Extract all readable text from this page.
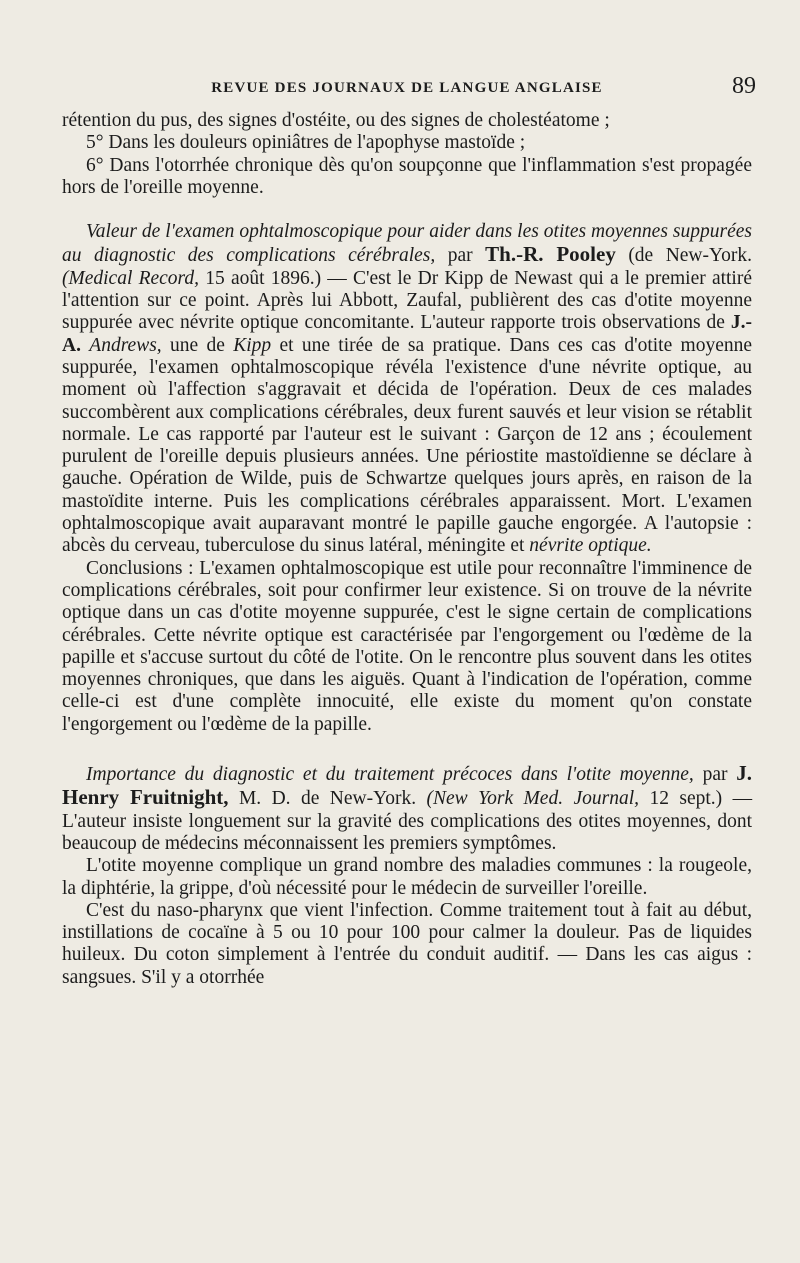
REVUE DES JOURNAUX DE LANGUE ANGLAISE	89

rétention du pus, des signes d'ostéite, ou des signes de cholestéatome ;

5° Dans les douleurs opiniâtres de l'apophyse mastoïde ;

6° Dans l'otorrhée chronique dès qu'on soupçonne que l'inflammation s'est propagée hors de l'oreille moyenne.

Valeur de l'examen ophtalmoscopique pour aider dans les otites moyennes suppurées au diagnostic des complications cérébrales, par Th.-R. Pooley (de New-York. (Medical Record, 15 août 1896.) — C'est le Dr Kipp de Newast qui a le premier attiré l'attention sur ce point. Après lui Abbott, Zaufal, publièrent des cas d'otite moyenne suppurée avec névrite optique concomitante. L'auteur rapporte trois observations de J.-A. Andrews, une de Kipp et une tirée de sa pratique. Dans ces cas d'otite moyenne suppurée, l'examen ophtalmoscopique révéla l'existence d'une névrite optique, au moment où l'affection s'aggravait et décida de l'opération. Deux de ces malades succombèrent aux complications cérébrales, deux furent sauvés et leur vision se rétablit normale. Le cas rapporté par l'auteur est le suivant : Garçon de 12 ans ; écoulement purulent de l'oreille depuis plusieurs années. Une périostite mastoïdienne se déclare à gauche. Opération de Wilde, puis de Schwartze quelques jours après, en raison de la mastoïdite interne. Puis les complications cérébrales apparaissent. Mort. L'examen ophtalmoscopique avait auparavant montré le papille gauche engorgée. A l'autopsie : abcès du cerveau, tuberculose du sinus latéral, méningite et névrite optique.

Conclusions : L'examen ophtalmoscopique est utile pour reconnaître l'imminence de complications cérébrales, soit pour confirmer leur existence. Si on trouve de la névrite optique dans un cas d'otite moyenne suppurée, c'est le signe certain de complications cérébrales. Cette névrite optique est caractérisée par l'engorgement ou l'œdème de la papille et s'accuse surtout du côté de l'otite. On le rencontre plus souvent dans les otites moyennes chroniques, que dans les aiguës. Quant à l'indication de l'opération, comme celle-ci est d'une complète innocuité, elle existe du moment qu'on constate l'engorgement ou l'œdème de la papille.

Importance du diagnostic et du traitement précoces dans l'otite moyenne, par J. Henry Fruitnight, M. D. de New-York. (New York Med. Journal, 12 sept.) — L'auteur insiste longuement sur la gravité des complications des otites moyennes, dont beaucoup de médecins méconnaissent les premiers symptômes.

L'otite moyenne complique un grand nombre des maladies communes : la rougeole, la diphtérie, la grippe, d'où nécessité pour le médecin de surveiller l'oreille.

C'est du naso-pharynx que vient l'infection. Comme traitement tout à fait au début, instillations de cocaïne à 5 ou 10 pour 100 pour calmer la douleur. Pas de liquides huileux. Du coton simplement à l'entrée du conduit auditif. — Dans les cas aigus : sangsues. S'il y a otorrhée
